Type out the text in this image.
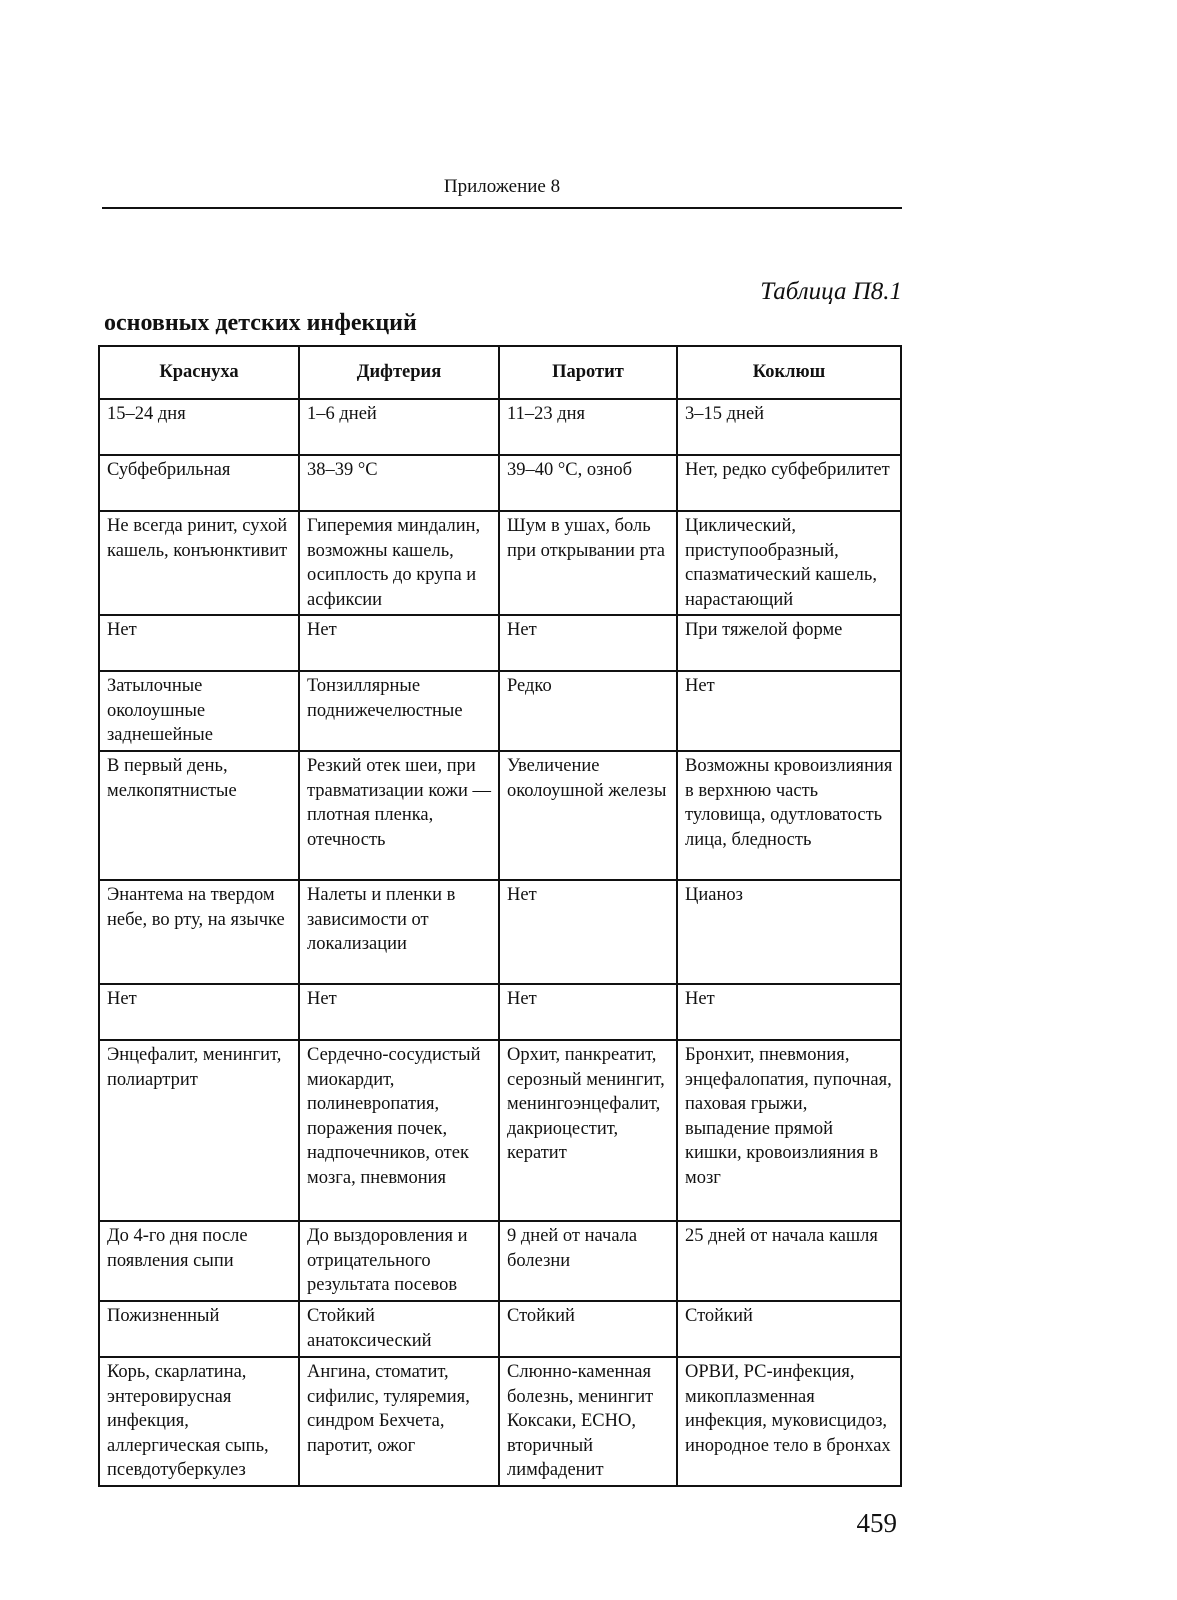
Приложение 8
Таблица П8.1
основных детских инфекций
Краснуха	Дифтерия	Паротит	Коклюш
15–24 дня	1–6 дней	11–23 дня	3–15 дней
Субфебрильная	38–39 °С	39–40 °С, озноб	Нет, редко субфебрилитет
Не всегда ринит, сухой кашель, конъюнктивит	Гиперемия миндалин, возможны кашель, осиплость до крупа и асфиксии	Шум в ушах, боль при открывании рта	Циклический, приступообразный, спазматический кашель, нарастающий
Нет	Нет	Нет	При тяжелой форме
Затылочные околоушные заднешейные	Тонзиллярные поднижечелюстные	Редко	Нет
В первый день, мелкопятнистые	Резкий отек шеи, при травматизации кожи — плотная пленка, отечность	Увеличение околоушной железы	Возможны кровоизлияния в верхнюю часть туловища, одутловатость лица, бледность
Энантема на твердом небе, во рту, на язычке	Налеты и пленки в зависимости от локализации	Нет	Цианоз
Нет	Нет	Нет	Нет
Энцефалит, менингит, полиартрит	Сердечно-сосудистый миокардит, полиневропатия, поражения почек, надпочечников, отек мозга, пневмония	Орхит, панкреатит, серозный менингит, менингоэнцефалит, дакриоцестит, кератит	Бронхит, пневмония, энцефалопатия, пупочная, паховая грыжи, выпадение прямой кишки, кровоизлияния в мозг
До 4-го дня после появления сыпи	До выздоровления и отрицательного результата посевов	9 дней от начала болезни	25 дней от начала кашля
Пожизненный	Стойкий анатоксический	Стойкий	Стойкий
Корь, скарлатина, энтеровирусная инфекция, аллергическая сыпь, псевдотуберкулез	Ангина, стоматит, сифилис, туляремия, синдром Бехчета, паротит, ожог	Слюнно-каменная болезнь, менингит Коксаки, ЕСНО, вторичный лимфаденит	ОРВИ, РС-инфекция, микоплазменная инфекция, муковисцидоз, инородное тело в бронхах
459
